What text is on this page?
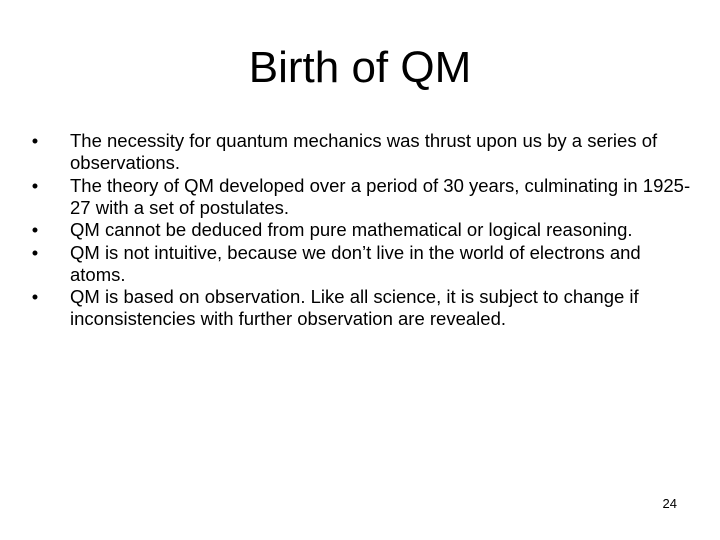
Birth of QM
• The necessity for quantum mechanics was thrust upon us by a series of observations.
• The theory of QM developed over a period of 30 years, culminating in 1925-27 with a set of postulates.
• QM cannot be deduced from pure mathematical or logical reasoning.
• QM is not intuitive, because we don’t live in the world of electrons and atoms.
• QM is based on observation. Like all science, it is subject to change if inconsistencies with further observation are revealed.
24
